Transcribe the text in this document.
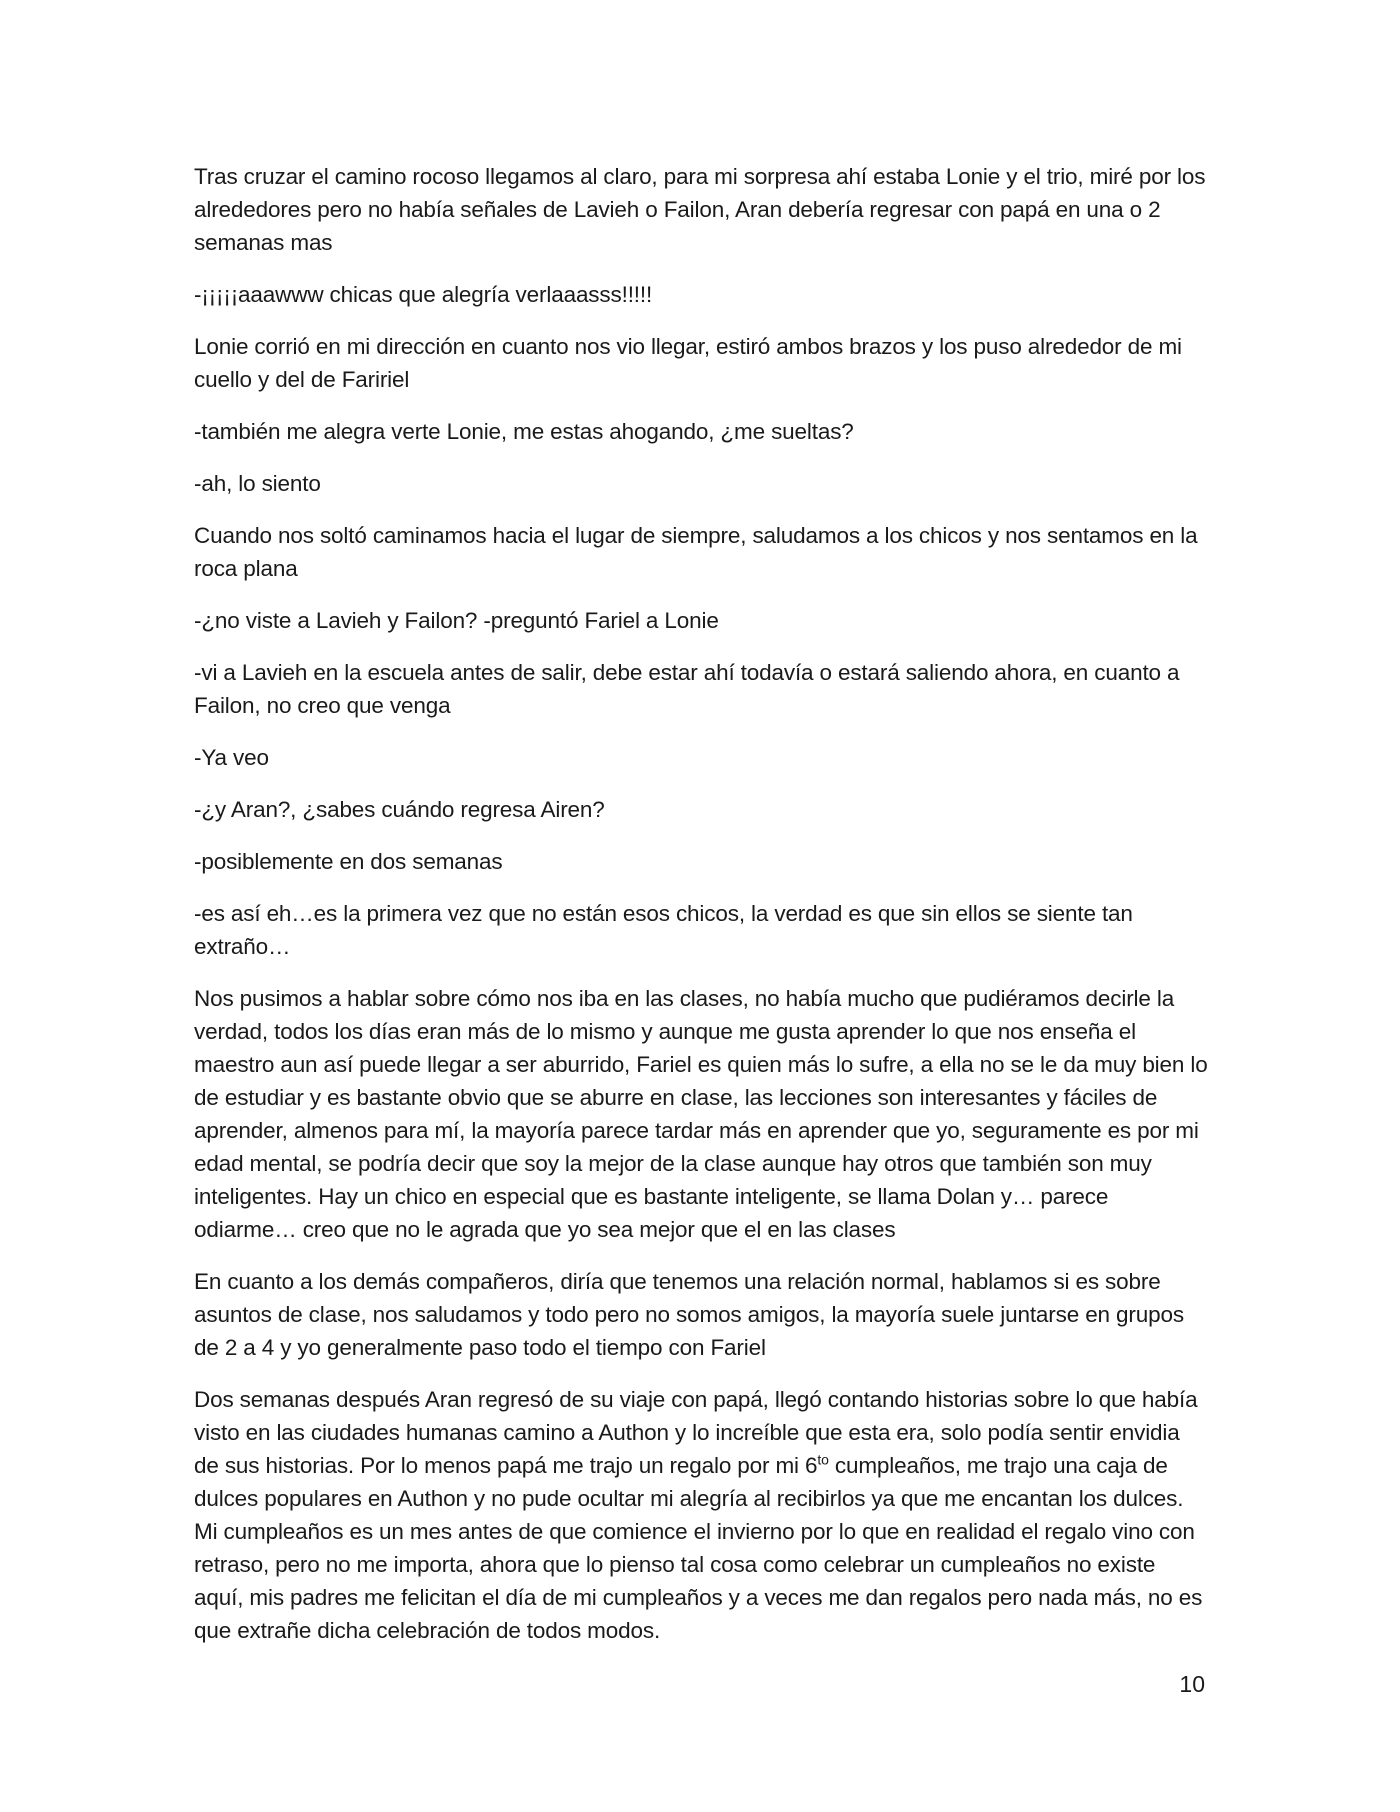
Tras cruzar el camino rocoso llegamos al claro, para mi sorpresa ahí estaba Lonie y el trio, miré por los alrededores pero no había señales de Lavieh o Failon, Aran debería regresar con papá en una o 2 semanas mas

-¡¡¡¡¡aaawww chicas que alegría verlaaasss!!!!!

Lonie corrió en mi dirección en cuanto nos vio llegar, estiró ambos brazos y los puso alrededor de mi cuello y del de Faririel

-también me alegra verte Lonie, me estas ahogando, ¿me sueltas?

-ah, lo siento

Cuando nos soltó caminamos hacia el lugar de siempre, saludamos a los chicos y nos sentamos en la roca plana

-¿no viste a Lavieh y Failon? -preguntó Fariel a Lonie

-vi a Lavieh en la escuela antes de salir, debe estar ahí todavía o estará saliendo ahora, en cuanto a Failon, no creo que venga

-Ya veo

-¿y Aran?, ¿sabes cuándo regresa Airen?

-posiblemente en dos semanas

-es así eh…es la primera vez que no están esos chicos, la verdad es que sin ellos se siente tan extraño…

Nos pusimos a hablar sobre cómo nos iba en las clases, no había mucho que pudiéramos decirle la verdad, todos los días eran más de lo mismo y aunque me gusta aprender lo que nos enseña el maestro aun así puede llegar a ser aburrido, Fariel es quien más lo sufre, a ella no se le da muy bien lo de estudiar y es bastante obvio que se aburre en clase, las lecciones son interesantes y fáciles de aprender, almenos para mí, la mayoría parece tardar más en aprender que yo, seguramente es por mi edad mental, se podría decir que soy la mejor de la clase aunque hay otros que también son muy inteligentes. Hay un chico en especial que es bastante inteligente, se llama Dolan y… parece odiarme… creo que no le agrada que yo sea mejor que el en las clases

En cuanto a los demás compañeros, diría que tenemos una relación normal, hablamos si es sobre asuntos de clase, nos saludamos y todo pero no somos amigos, la mayoría suele juntarse en grupos de 2 a 4 y yo generalmente paso todo el tiempo con Fariel

Dos semanas después Aran regresó de su viaje con papá, llegó contando historias sobre lo que había visto en las ciudades humanas camino a Authon y lo increíble que esta era, solo podía sentir envidia de sus historias. Por lo menos papá me trajo un regalo por mi $6^{to}$ cumpleaños, me trajo una caja de dulces populares en Authon y no pude ocultar mi alegría al recibirlos ya que me encantan los dulces. Mi cumpleaños es un mes antes de que comience el invierno por lo que en realidad el regalo vino con retraso, pero no me importa, ahora que lo pienso tal cosa como celebrar un cumpleaños no existe aquí, mis padres me felicitan el día de mi cumpleaños y a veces me dan regalos pero nada más, no es que extrañe dicha celebración de todos modos.

10
